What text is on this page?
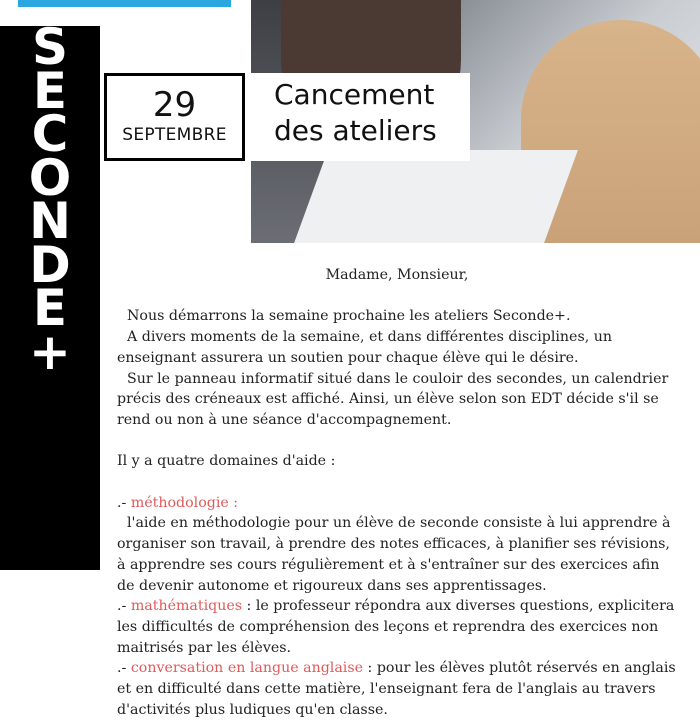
S
E
C
O
N
D
E
+
29
SEPTEMBRE
Cancement
des ateliers

Madame, Monsieur,

Nous démarrons la semaine prochaine les ateliers Seconde+.

A divers moments de la semaine, et dans différentes disciplines, un enseignant assurera un soutien pour chaque élève qui le désire.

Sur le panneau informatif situé dans le couloir des secondes, un calendrier précis des créneaux est affiché. Ainsi, un élève selon son EDT décide s'il se rend ou non à une séance d'accompagnement.

Il y a quatre domaines d'aide :

.- méthodologie :

l'aide en méthodologie pour un élève de seconde consiste à lui apprendre à organiser son travail, à prendre des notes efficaces, à planifier ses révisions, à apprendre ses cours régulièrement et à s'entraîner sur des exercices afin de devenir autonome et rigoureux dans ses apprentissages.

.- mathématiques : le professeur répondra aux diverses questions, explicitera les difficultés de compréhension des leçons et reprendra des exercices non maitrisés par les élèves.

.- conversation en langue anglaise : pour les élèves plutôt réservés en anglais et en difficulté dans cette matière, l'enseignant fera de l'anglais au travers d'activités plus ludiques qu'en classe.
